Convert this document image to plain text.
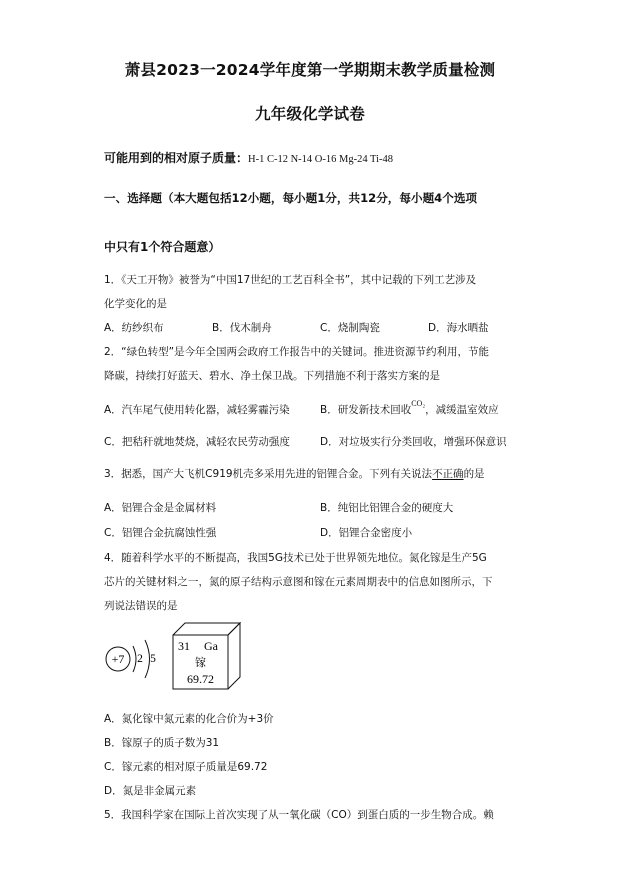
萧县2023一2024学年度第一学期期末教学质量检测
九年级化学试卷
可能用到的相对原子质量：H-1 C-12 N-14 O-16 Mg-24 Ti-48
一、选择题（本大题包括12小题，每小题1分，共12分，每小题4个选项
中只有1个符合题意）
1．《天工开物》被誉为“中国17世纪的工艺百科全书”，其中记载的下列工艺涉及
化学变化的是
A．纺纱织布	B．伐木制舟	C．烧制陶瓷	D．海水晒盐
2．“绿色转型”是今年全国两会政府工作报告中的关键词。推进资源节约利用，节能
降碳，持续打好蓝天、碧水、净土保卫战。下列措施不利于落实方案的是
A．汽车尾气使用转化器，减轻雾霾污染	B．研发新技术回收$^{CO_2}$，减缓温室效应
C．把秸秆就地焚烧，减轻农民劳动强度	D．对垃圾实行分类回收，增强环保意识
3．据悉，国产大飞机C919机壳多采用先进的铝锂合金。下列有关说法不正确的是
A．铝锂合金是金属材料	B．纯铝比铝锂合金的硬度大
C．铝锂合金抗腐蚀性强	D．铝锂合金密度小
4．随着科学水平的不断提高，我国5G技术已处于世界领先地位。氮化镓是生产5G
芯片的关键材料之一，氮的原子结构示意图和镓在元素周期表中的信息如图所示，下
列说法错误的是
+7 2 5
31 Ga
镓
69.72
A．氮化镓中氮元素的化合价为+3价
B．镓原子的质子数为31
C．镓元素的相对原子质量是69.72
D．氮是非金属元素
5．我国科学家在国际上首次实现了从一氧化碳（CO）到蛋白质的一步生物合成。赖
